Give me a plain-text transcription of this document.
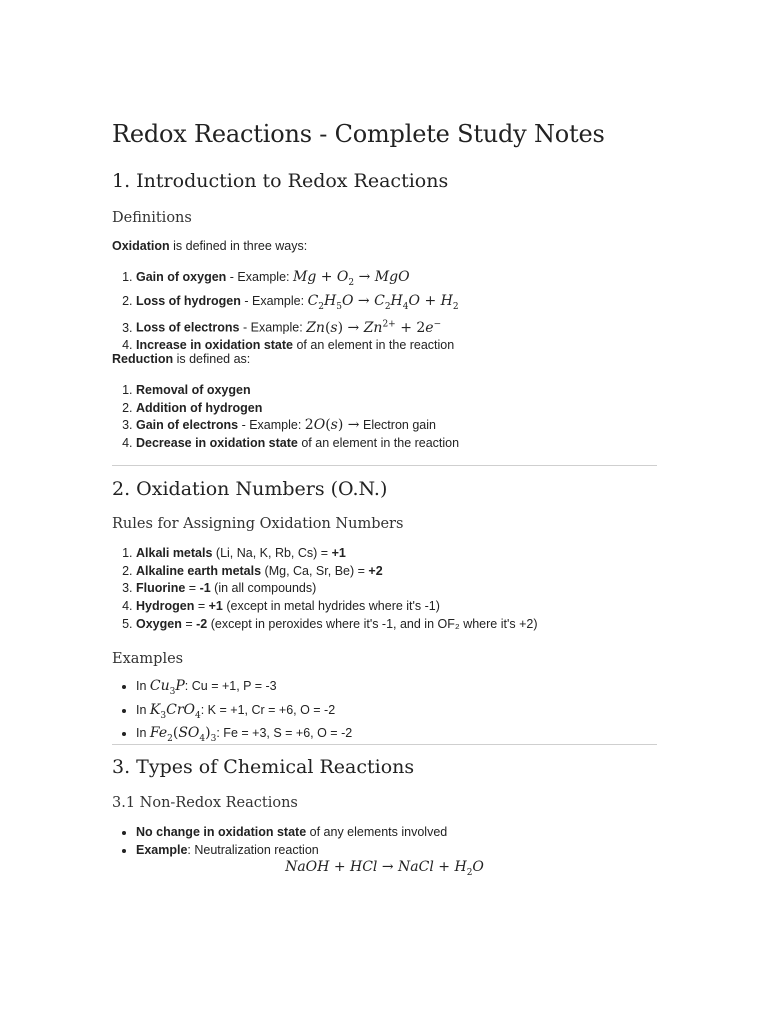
Redox Reactions - Complete Study Notes
1. Introduction to Redox Reactions
Definitions
Oxidation is defined in three ways:
1. Gain of oxygen - Example: $Mg + O_2$ → MgO
2. Loss of hydrogen - Example: $C_2H_5O \to C_2H_4O + H_2$
3. Loss of electrons - Example: $Zn(s) \to Zn^{2+} + 2e^-$
4. Increase in oxidation state of an element in the reaction
Reduction is defined as:
1. Removal of oxygen
2. Addition of hydrogen
3. Gain of electrons - Example: 2O(s) → Electron gain
4. Decrease in oxidation state of an element in the reaction
2. Oxidation Numbers (O.N.)
Rules for Assigning Oxidation Numbers
1. Alkali metals (Li, Na, K, Rb, Cs) = +1
2. Alkaline earth metals (Mg, Ca, Sr, Be) = +2
3. Fluorine = -1 (in all compounds)
4. Hydrogen = +1 (except in metal hydrides where it's -1)
5. Oxygen = -2 (except in peroxides where it's -1, and in OF₂ where it's +2)
Examples
• In $Cu_3P$: Cu = +1, P = -3
• In $K_3CrO_4$: K = +1, Cr = +6, O = -2
• In $Fe_2(SO_4)_3$: Fe = +3, S = +6, O = -2
3. Types of Chemical Reactions
3.1 Non-Redox Reactions
• No change in oxidation state of any elements involved
• Example: Neutralization reaction
NaOH + HCl → NaCl + $H_2O$
